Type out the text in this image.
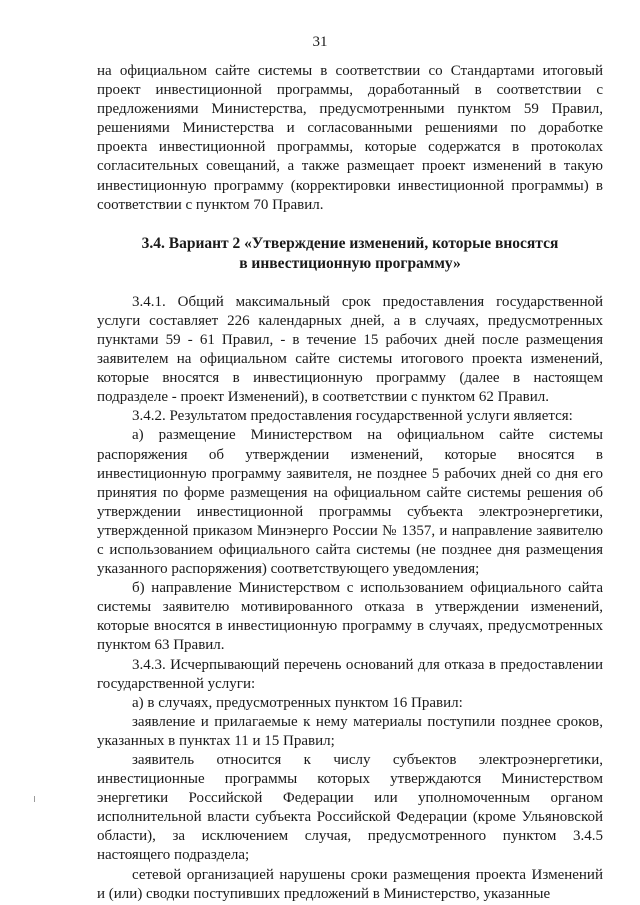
31

на официальном сайте системы в соответствии со Стандартами итоговый проект инвестиционной программы, доработанный в соответствии с предложениями Министерства, предусмотренными пунктом 59 Правил, решениями Министерства и согласованными решениями по доработке проекта инвестиционной программы, которые содержатся в протоколах согласительных совещаний, а также размещает проект изменений в такую инвестиционную программу (корректировки инвестиционной программы) в соответствии с пунктом 70 Правил.

3.4. Вариант 2 «Утверждение изменений, которые вносятся
в инвестиционную программу»

3.4.1. Общий максимальный срок предоставления государственной услуги составляет 226 календарных дней, а в случаях, предусмотренных пунктами 59 - 61 Правил, - в течение 15 рабочих дней после размещения заявителем на официальном сайте системы итогового проекта изменений, которые вносятся в инвестиционную программу (далее в настоящем подразделе - проект Изменений), в соответствии с пунктом 62 Правил.

3.4.2. Результатом предоставления государственной услуги является:

а) размещение Министерством на официальном сайте системы распоряжения об утверждении изменений, которые вносятся в инвестиционную программу заявителя, не позднее 5 рабочих дней со дня его принятия по форме размещения на официальном сайте системы решения об утверждении инвестиционной программы субъекта электроэнергетики, утвержденной приказом Минэнерго России № 1357, и направление заявителю с использованием официального сайта системы (не позднее дня размещения указанного распоряжения) соответствующего уведомления;

б) направление Министерством с использованием официального сайта системы заявителю мотивированного отказа в утверждении изменений, которые вносятся в инвестиционную программу в случаях, предусмотренных пунктом 63 Правил.

3.4.3. Исчерпывающий перечень оснований для отказа в предоставлении государственной услуги:

а) в случаях, предусмотренных пунктом 16 Правил:

заявление и прилагаемые к нему материалы поступили позднее сроков, указанных в пунктах 11 и 15 Правил;

заявитель относится к числу субъектов электроэнергетики, инвестиционные программы которых утверждаются Министерством энергетики Российской Федерации или уполномоченным органом исполнительной власти субъекта Российской Федерации (кроме Ульяновской области), за исключением случая, предусмотренного пунктом 3.4.5 настоящего подраздела;

сетевой организацией нарушены сроки размещения проекта Изменений и (или) сводки поступивших предложений в Министерство, указанные
